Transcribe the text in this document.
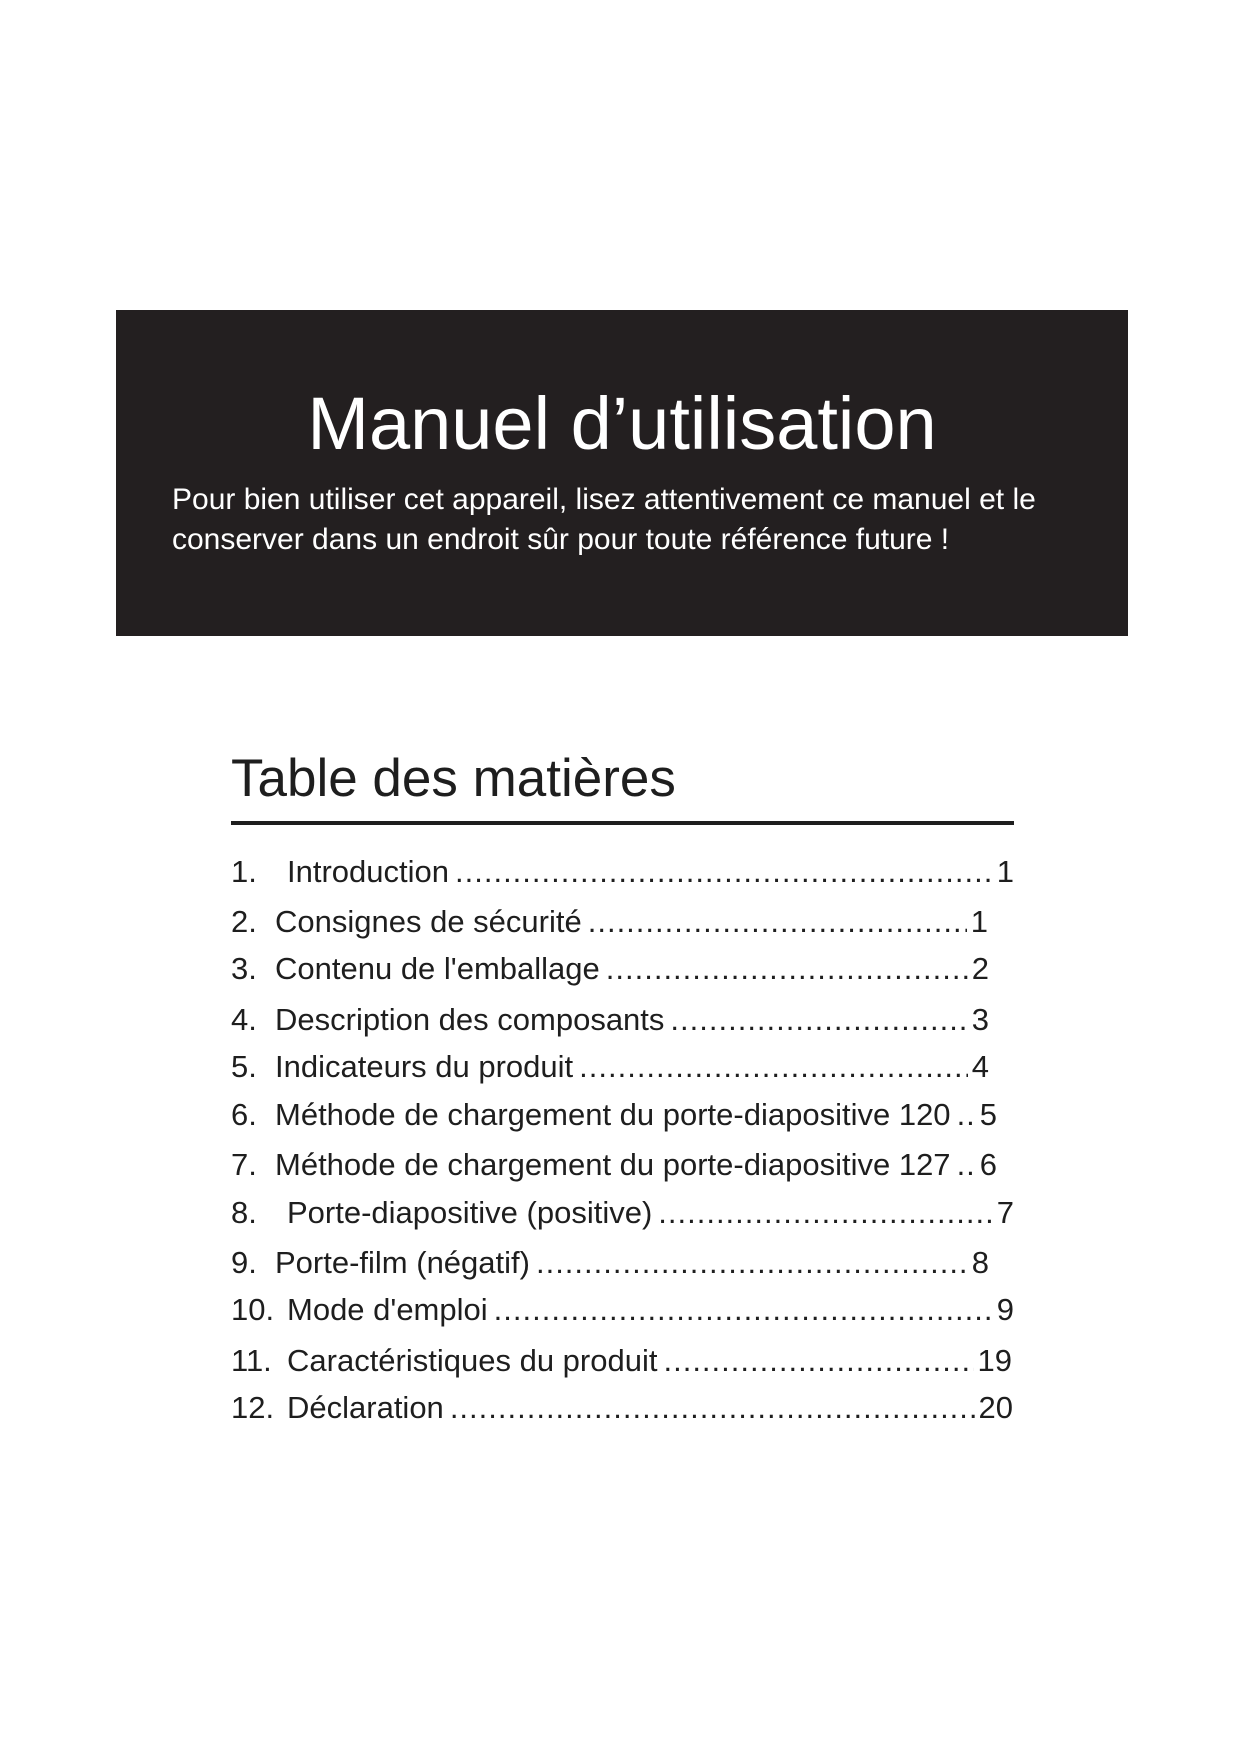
Manuel d’utilisation

Pour bien utiliser cet appareil, lisez attentivement ce manuel et le conserver dans un endroit sûr pour toute référence future !

Table des matières
1. Introduction .....	1
2. Consignes de sécurité .....	1
3. Contenu de l'emballage .....	2
4. Description des composants .....	3
5. Indicateurs du produit .....	4
6. Méthode de chargement du porte-diapositive 120 ..... 5
7. Méthode de chargement du porte-diapositive 127 ..... 6
8. Porte-diapositive (positive) .....	7
9. Porte-film (négatif) .....	8
10. Mode d'emploi .....	9
11. Caractéristiques du produit .....	19
12. Déclaration .....	20
